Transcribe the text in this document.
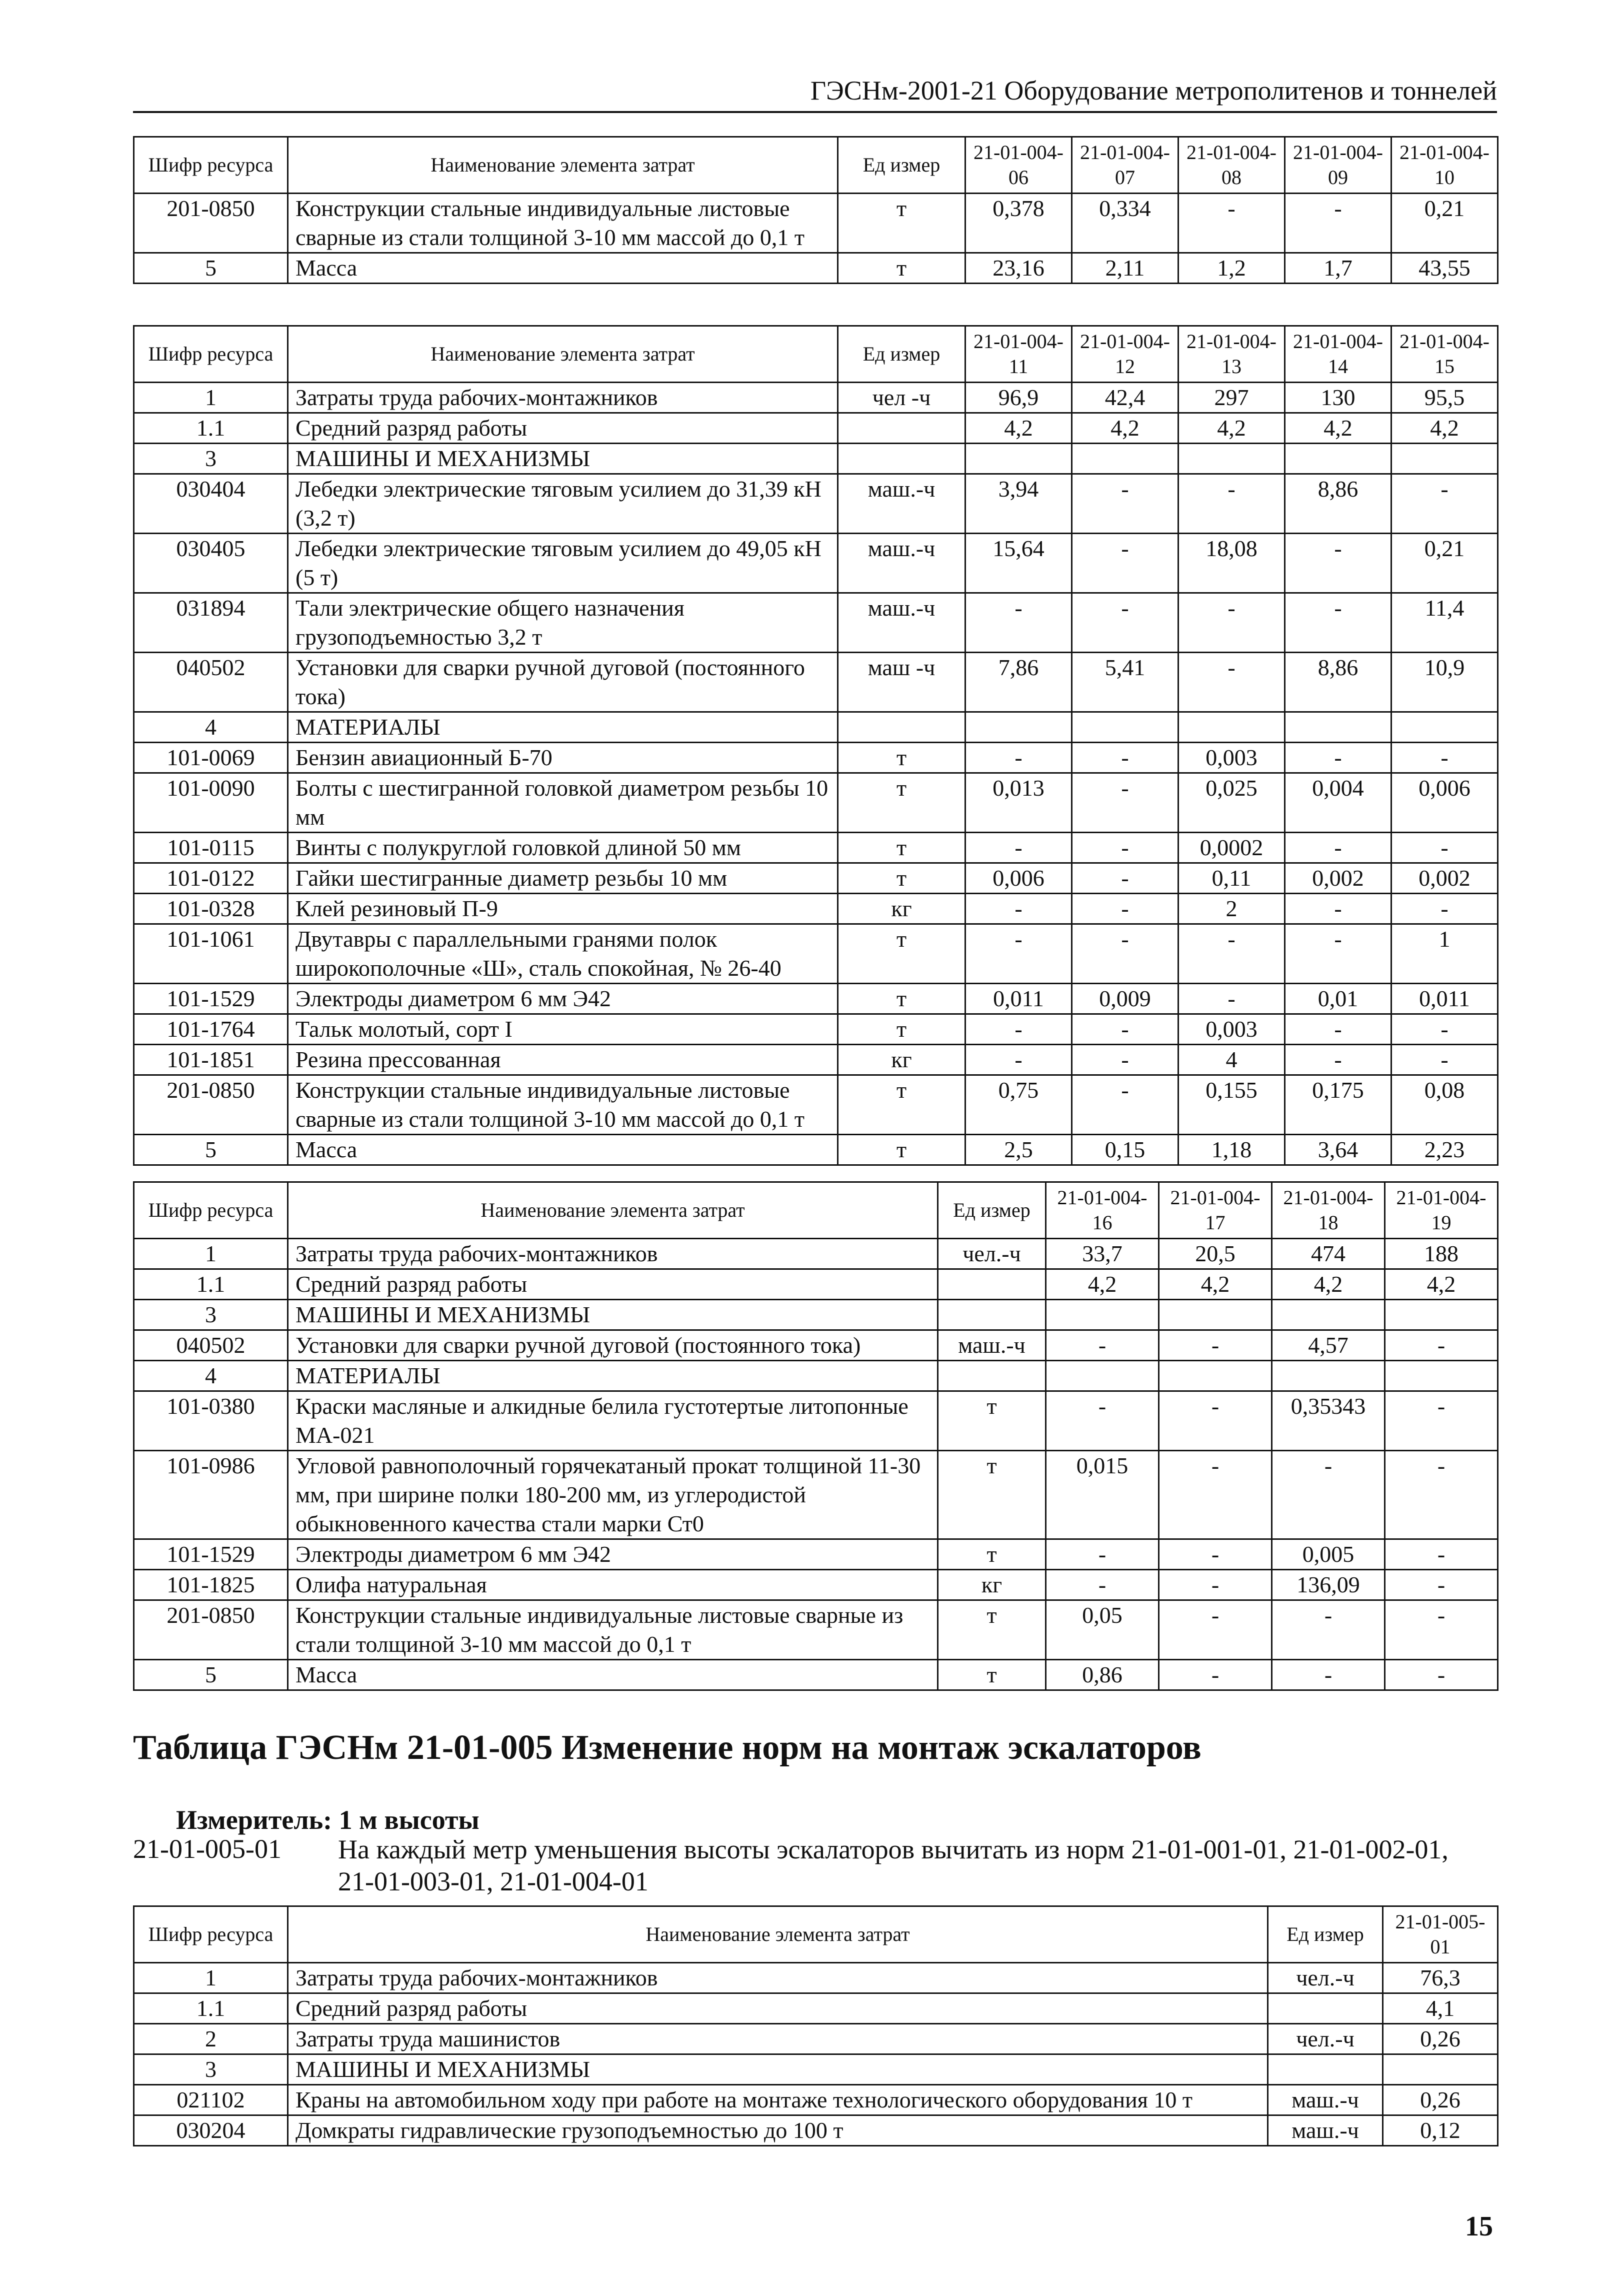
ГЭСНм-2001-21 Оборудование метрополитенов и тоннелей
Шифр ресурса	Наименование элемента затрат	Ед измер	21-01-004-06	21-01-004-07	21-01-004-08	21-01-004-09	21-01-004-10
201-0850	Конструкции стальные индивидуальные листовые сварные из стали толщиной 3-10 мм массой до 0,1 т	т	0,378	0,334	-	-	0,21
5	Масса	т	23,16	2,11	1,2	1,7	43,55
Шифр ресурса	Наименование элемента затрат	Ед измер	21-01-004-11	21-01-004-12	21-01-004-13	21-01-004-14	21-01-004-15
1	Затраты труда рабочих-монтажников	чел -ч	96,9	42,4	297	130	95,5
1.1	Средний разряд работы		4,2	4,2	4,2	4,2	4,2
3	МАШИНЫ И МЕХАНИЗМЫ						
030404	Лебедки электрические тяговым усилием до 31,39 кН (3,2 т)	маш.-ч	3,94	-	-	8,86	-
030405	Лебедки электрические тяговым усилием до 49,05 кН (5 т)	маш.-ч	15,64	-	18,08	-	0,21
031894	Тали электрические общего назначения грузоподъемностью 3,2 т	маш.-ч	-	-	-	-	11,4
040502	Установки для сварки ручной дуговой (постоянного тока)	маш -ч	7,86	5,41	-	8,86	10,9
4	МАТЕРИАЛЫ						
101-0069	Бензин авиационный Б-70	т	-	-	0,003	-	-
101-0090	Болты с шестигранной головкой диаметром резьбы 10 мм	т	0,013	-	0,025	0,004	0,006
101-0115	Винты с полукруглой головкой длиной 50 мм	т	-	-	0,0002	-	-
101-0122	Гайки шестигранные диаметр резьбы 10 мм	т	0,006	-	0,11	0,002	0,002
101-0328	Клей резиновый П-9	кг	-	-	2	-	-
101-1061	Двутавры с параллельными гранями полок широкополочные «Ш», сталь спокойная, № 26-40	т	-	-	-	-	1
101-1529	Электроды диаметром 6 мм Э42	т	0,011	0,009	-	0,01	0,011
101-1764	Тальк молотый, сорт I	т	-	-	0,003	-	-
101-1851	Резина прессованная	кг	-	-	4	-	-
201-0850	Конструкции стальные индивидуальные листовые сварные из стали толщиной 3-10 мм массой до 0,1 т	т	0,75	-	0,155	0,175	0,08
5	Масса	т	2,5	0,15	1,18	3,64	2,23
Шифр ресурса	Наименование элемента затрат	Ед измер	21-01-004-16	21-01-004-17	21-01-004-18	21-01-004-19
1	Затраты труда рабочих-монтажников	чел.-ч	33,7	20,5	474	188
1.1	Средний разряд работы		4,2	4,2	4,2	4,2
3	МАШИНЫ И МЕХАНИЗМЫ					
040502	Установки для сварки ручной дуговой (постоянного тока)	маш.-ч	-	-	4,57	-
4	МАТЕРИАЛЫ					
101-0380	Краски масляные и алкидные белила густотертые литопонные МА-021	т	-	-	0,35343	-
101-0986	Угловой равнополочный горячекатаный прокат толщиной 11-30 мм, при ширине полки 180-200 мм, из углеродистой обыкновенного качества стали марки Ст0	т	0,015	-	-	-
101-1529	Электроды диаметром 6 мм Э42	т	-	-	0,005	-
101-1825	Олифа натуральная	кг	-	-	136,09	-
201-0850	Конструкции стальные индивидуальные листовые сварные из стали толщиной 3-10 мм массой до 0,1 т	т	0,05	-	-	-
5	Масса	т	0,86	-	-	-
Таблица ГЭСНм 21-01-005 Изменение норм на монтаж эскалаторов
Измеритель: 1 м высоты
21-01-005-01 На каждый метр уменьшения высоты эскалаторов вычитать из норм 21-01-001-01, 21-01-002-01, 21-01-003-01, 21-01-004-01
Шифр ресурса	Наименование элемента затрат	Ед измер	21-01-005-01
1	Затраты труда рабочих-монтажников	чел.-ч	76,3
1.1	Средний разряд работы		4,1
2	Затраты труда машинистов	чел.-ч	0,26
3	МАШИНЫ И МЕХАНИЗМЫ		
021102	Краны на автомобильном ходу при работе на монтаже технологического оборудования 10 т	маш.-ч	0,26
030204	Домкраты гидравлические грузоподъемностью до 100 т	маш.-ч	0,12
15
